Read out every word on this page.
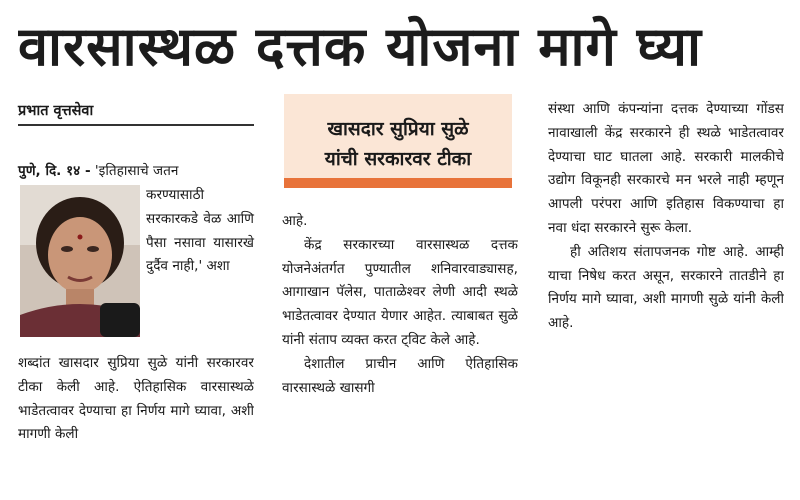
वारसास्थळ दत्तक योजना मागे घ्या
प्रभात वृत्तसेवा
पुणे, दि. १४ - 'इतिहासाचे जतन
करण्यासाठी सरकारकडे वेळ आणि पैसा नसावा यासारखे दुर्दैव नाही,' अशा

शब्दांत खासदार सुप्रिया सुळे यांनी सरकारवर टीका केली आहे. ऐतिहासिक वारसास्थळे भाडेतत्वावर देण्याचा हा निर्णय मागे घ्यावा, अशी मागणी केली

खासदार सुप्रिया सुळे
यांची सरकारवर टीका

आहे.

केंद्र सरकारच्या वारसास्थळ दत्तक योजनेअंतर्गत पुण्यातील शनिवारवाड्यासह, आगाखान पॅलेस, पाताळेश्वर लेणी आदी स्थळे भाडेतत्वावर देण्यात येणार आहेत. त्याबाबत सुळे यांनी संताप व्यक्त करत ट्विट केले आहे.

देशातील प्राचीन आणि ऐतिहासिक वारसास्थळे खासगी

संस्था आणि कंपन्यांना दत्तक देण्याच्या गोंडस नावाखाली केंद्र सरकारने ही स्थळे भाडेतत्वावर देण्याचा घाट घातला आहे. सरकारी मालकीचे उद्योग विकूनही सरकारचे मन भरले नाही म्हणून आपली परंपरा आणि इतिहास विकण्याचा हा नवा धंदा सरकारने सुरू केला.

ही अतिशय संतापजनक गोष्ट आहे. आम्ही याचा निषेध करत असून, सरकारने तातडीने हा निर्णय मागे घ्यावा, अशी मागणी सुळे यांनी केली आहे.
